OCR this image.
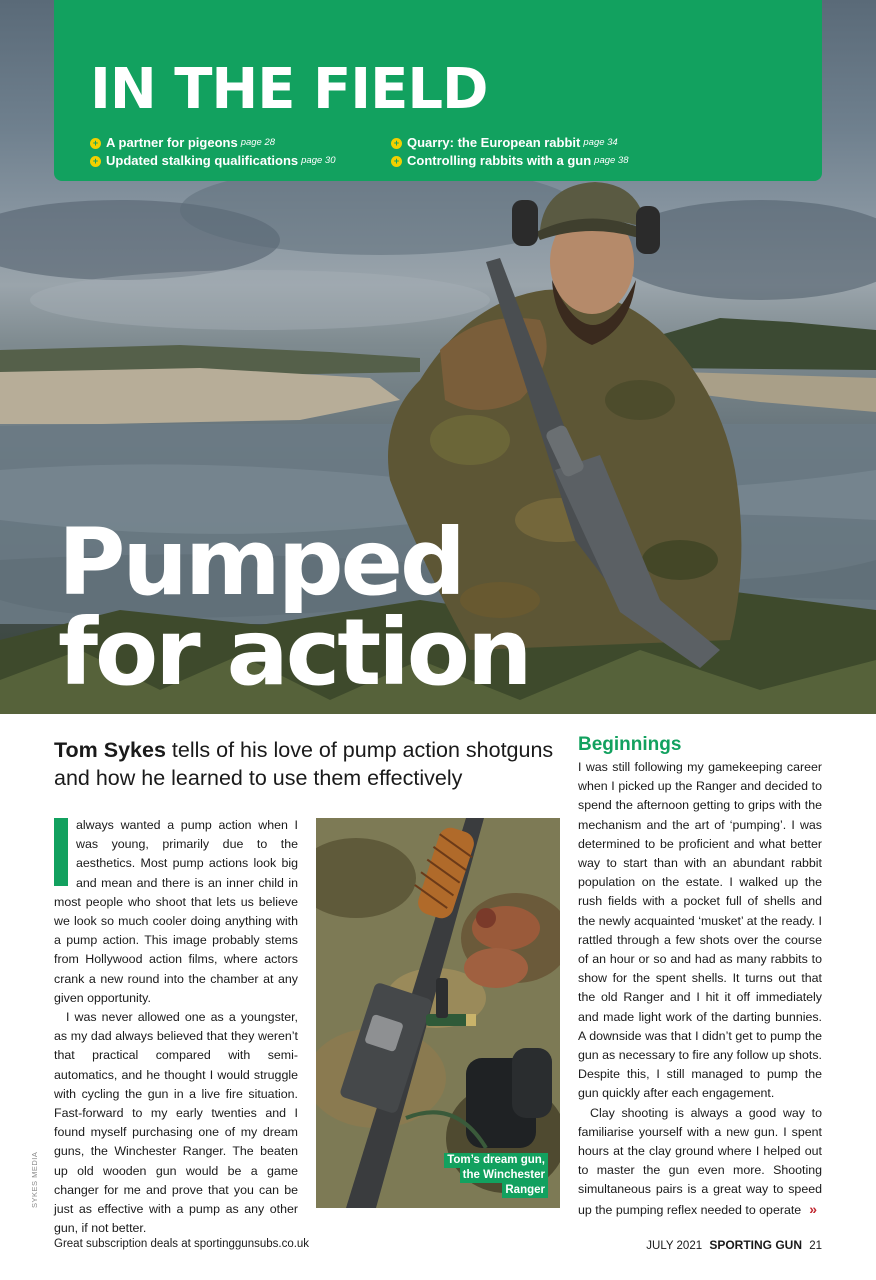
IN THE FIELD
+ A partner for pigeons page 28
+ Updated stalking qualifications page 30
+ Quarry: the European rabbit page 34
+ Controlling rabbits with a gun page 38
Pumped
for action

Tom Sykes tells of his love of pump action shotguns and how he learned to use them effectively

always wanted a pump action when I was young, primarily due to the aesthetics. Most pump actions look big and mean and there is an inner child in most people who shoot that lets us believe we look so much cooler doing anything with a pump action. This image probably stems from Hollywood action films, where actors crank a new round into the chamber at any given opportunity.

I was never allowed one as a youngster, as my dad always believed that they weren’t that practical compared with semi-automatics, and he thought I would struggle with cycling the gun in a live fire situation. Fast-forward to my early twenties and I found myself purchasing one of my dream guns, the Winchester Ranger. The beaten up old wooden gun would be a game changer for me and prove that you can be just as effective with a pump as any other gun, if not better.

Tom’s dream gun,
the Winchester
Ranger
Beginnings

I was still following my gamekeeping career when I picked up the Ranger and decided to spend the afternoon getting to grips with the mechanism and the art of ‘pumping’. I was determined to be proficient and what better way to start than with an abundant rabbit population on the estate. I walked up the rush fields with a pocket full of shells and the newly acquainted ‘musket’ at the ready. I rattled through a few shots over the course of an hour or so and had as many rabbits to show for the spent shells. It turns out that the old Ranger and I hit it off immediately and made light work of the darting bunnies. A downside was that I didn’t get to pump the gun as necessary to fire any follow up shots. Despite this, I still managed to pump the gun quickly after each engagement.

Clay shooting is always a good way to familiarise yourself with a new gun. I spent hours at the clay ground where I helped out to master the gun even more. Shooting simultaneous pairs is a great way to speed up the pumping reflex needed to operate »

SYKES MEDIA
Great subscription deals at sportinggunsubs.co.uk	JULY 2021 SPORTING GUN 21
